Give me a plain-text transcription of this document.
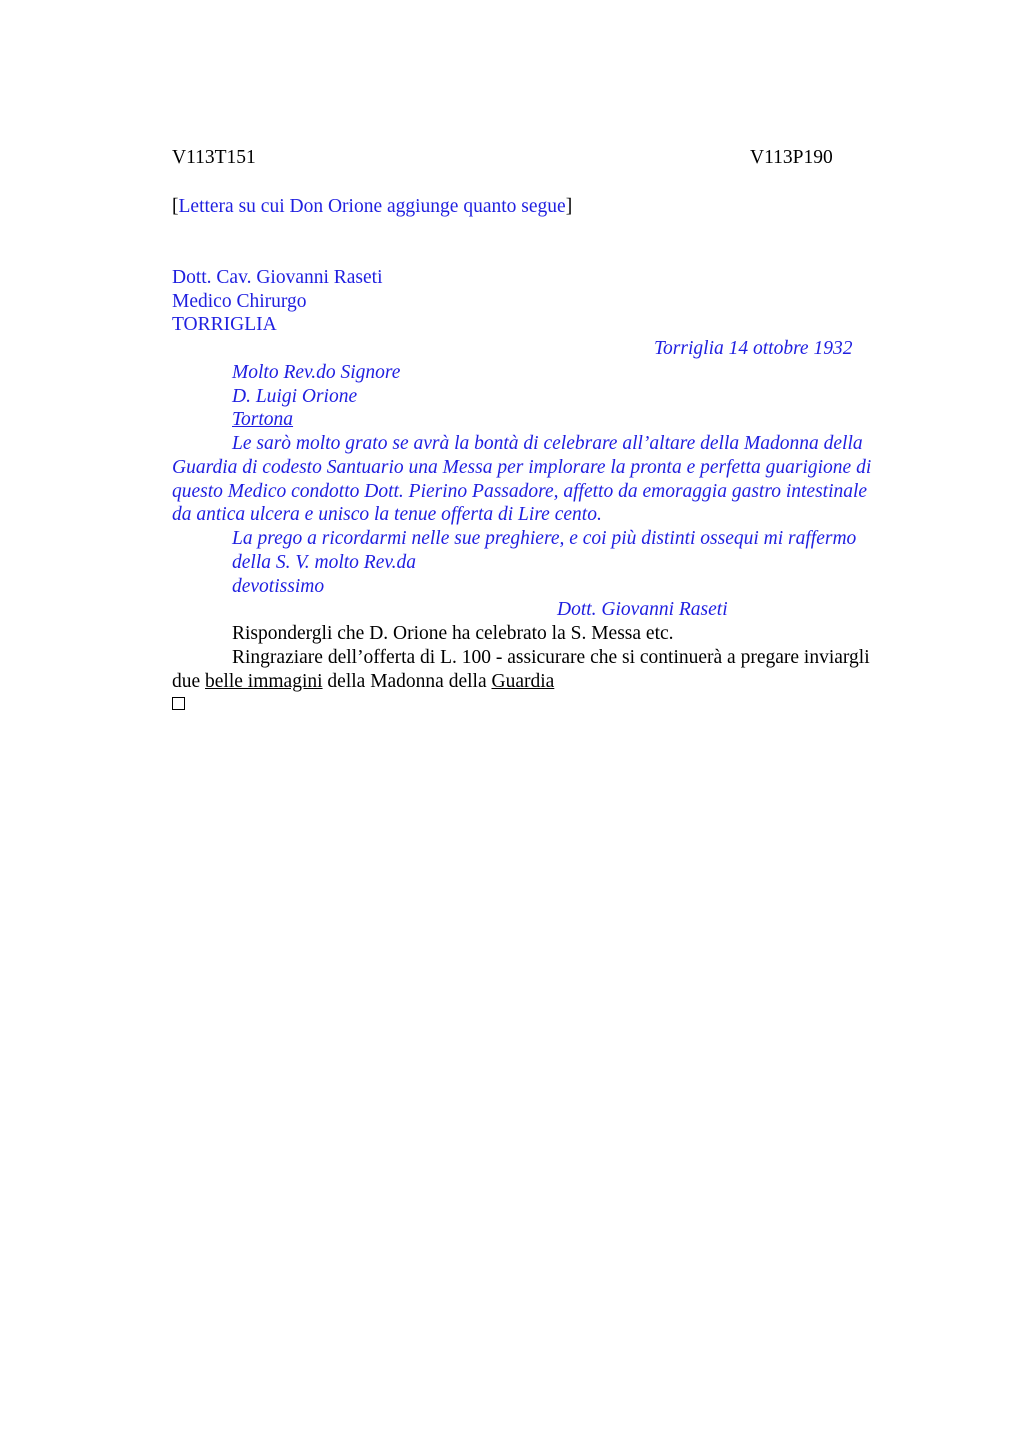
V113T151	V113P190
[Lettera su cui Don Orione aggiunge quanto segue]
Dott. Cav. Giovanni Raseti
Medico Chirurgo
TORRIGLIA
Torriglia 14 ottobre 1932
Molto Rev.do Signore
D. Luigi Orione
Tortona
Le sarò molto grato se avrà la bontà di celebrare all’altare della Madonna della
Guardia di codesto Santuario una Messa per implorare la pronta e perfetta guarigione di
questo Medico condotto Dott. Pierino Passadore, affetto da emoraggia gastro intestinale
da antica ulcera e unisco la tenue offerta di Lire cento.
La prego a ricordarmi nelle sue preghiere, e coi più distinti ossequi mi raffermo
della S. V. molto Rev.da
devotissimo
Dott. Giovanni Raseti
Rispondergli che D. Orione ha celebrato la S. Messa etc.
Ringraziare dell’offerta di L. 100 - assicurare che si continuerà a pregare inviargli
due belle immagini della Madonna della Guardia
